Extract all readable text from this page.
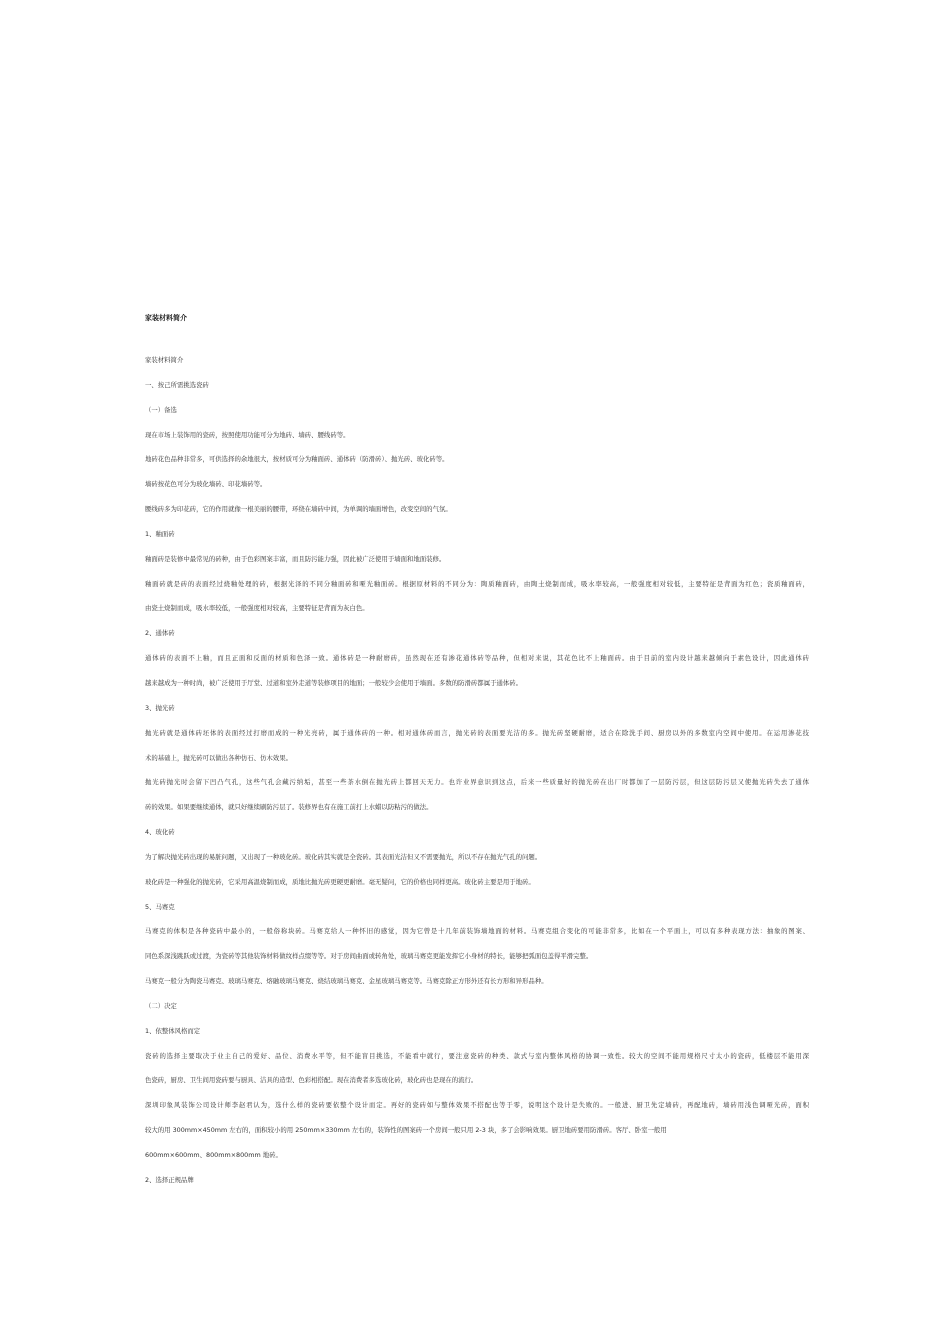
家装材料简介
家装材料简介
一、按己所需挑选瓷砖
（一）备选
现在市场上装饰用的瓷砖，按照使用功能可分为地砖、墙砖、腰线砖等。
地砖花色品种非常多，可供选择的余地很大，按材质可分为釉面砖、通体砖（防滑砖）、抛光砖、玻化砖等。
墙砖按花色可分为玻化墙砖、印花墙砖等。
腰线砖多为印花砖，它的作用就像一根美丽的腰带，环绕在墙砖中间，为单调的墙面增色，改变空间的气氛。
1、釉面砖
釉面砖是装修中最常见的砖种，由于色彩图案丰富，而且防污能力强，因此被广泛使用于墙面和地面装修。
釉面砖就是砖的表面经过烧釉处理的砖，根据光泽的不同分釉面砖和哑光釉面砖。根据原材料的不同分为：陶质釉面砖，由陶土烧制而成，吸水率较高，一般强度相对较低，主要特征是背面为红色；瓷质釉面砖，
由瓷土烧制而成，吸水率较低，一般强度相对较高，主要特征是背面为灰白色。
2、通体砖
通体砖的表面不上釉，而且正面和反面的材质和色泽一致。通体砖是一种耐磨砖，虽然现在还有渗花通体砖等品种，但相对来说，其花色比不上釉面砖。由于目前的室内设计越来越倾向于素色设计，因此通体砖
越来越成为一种时尚，被广泛使用于厅堂、过道和室外走道等装修项目的地面；一般较少会使用于墙面。多数的防滑砖都属于通体砖。
3、抛光砖
抛光砖就是通体砖坯体的表面经过打磨而成的一种光亮砖，属于通体砖的一种。相对通体砖而言，抛光砖的表面要光洁的多。抛光砖坚硬耐磨，适合在除洗手间、厨房以外的多数室内空间中使用。在运用渗花技
术的基础上，抛光砖可以做出各种仿石、仿木效果。
抛光砖抛光时会留下凹凸气孔，这些气孔会藏污纳垢，甚至一些茶水倒在抛光砖上都回天无力。也许业界意识到这点，后来一些质量好的抛光砖在出厂时都加了一层防污层，但这层防污层又使抛光砖失去了通体
砖的效果。如果要继续通体，就只好继续刷防污层了。装修界也有在施工前打上水蜡以防粘污的做法。
4、玻化砖
为了解决抛光砖出现的易脏问题，又出现了一种玻化砖。玻化砖其实就是全瓷砖。其表面光洁但又不需要抛光，所以不存在抛光气孔的问题。
玻化砖是一种强化的抛光砖，它采用高温烧制而成，质地比抛光砖更硬更耐磨。毫无疑问，它的价格也同样更高。玻化砖主要是用于地砖。
5、马赛克
马赛克的体积是各种瓷砖中最小的，一般俗称块砖。马赛克给人一种怀旧的感觉，因为它曾是十几年前装饰墙地面的材料。马赛克组合变化的可能非常多，比如在一个平面上，可以有多种表现方法：抽象的图案、
同色系深浅跳跃或过渡，为瓷砖等其他装饰材料做纹样点缀等等。对于房间曲面或转角处，玻璃马赛克更能发挥它小身材的特长，能够把弧面包盖得平滑完整。
马赛克一般分为陶瓷马赛克、玻璃马赛克、熔融玻璃马赛克、烧结玻璃马赛克、金星玻璃马赛克等。马赛克除正方形外还有长方形和异形品种。
（二）决定
1、依整体风格而定
瓷砖的选择主要取决于业主自己的爱好、品位、消费水平等，但不能盲目挑选，不能看中就行，要注意瓷砖的种类、款式与室内整体风格的协调一致性。较大的空间不能用规格尺寸太小的瓷砖，低楼层不能用深
色瓷砖，厨房、卫生间用瓷砖要与厨具、洁具的造型、色彩相搭配。现在消费者多选玻化砖，玻化砖也是现在的流行。
深圳印象风装饰公司设计师李赵君认为，选什么样的瓷砖要依整个设计而定。再好的瓷砖如与整体效果不搭配也等于零，说明这个设计是失败的。一般进、厨卫先定墙砖，再配地砖，墙砖用浅色调哑光砖，面积
较大的用 300mm×450mm 左右的，面积较小的用 250mm×330mm 左右的，装饰性的图案砖一个房间一般只用 2-3 块，多了会影响效果。厨卫地砖要用防滑砖。客厅、卧室一般用
600mm×600mm、800mm×800mm 地砖。
2、选择正规品牌
